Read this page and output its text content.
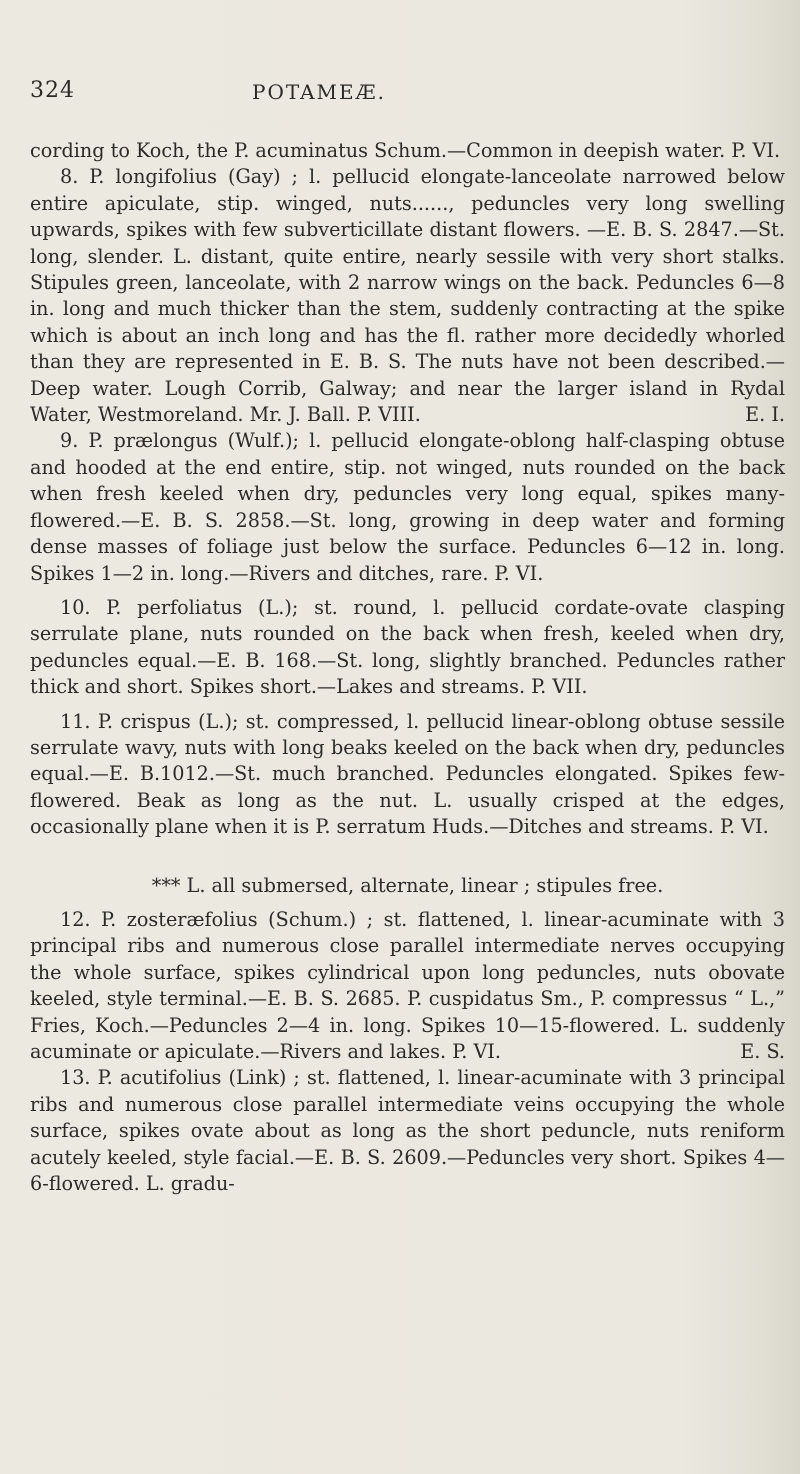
324	POTAMEÆ.

cording to Koch, the P. acuminatus Schum.—Common in deepish water. P. VI.

8. P. longifolius (Gay) ; l. pellucid elongate-lanceolate narrowed below entire apiculate, stip. winged, nuts......, peduncles very long swelling upwards, spikes with few subverticillate distant flowers. —E. B. S. 2847.—St. long, slender. L. distant, quite entire, nearly sessile with very short stalks. Stipules green, lanceolate, with 2 narrow wings on the back. Peduncles 6—8 in. long and much thicker than the stem, suddenly contracting at the spike which is about an inch long and has the fl. rather more decidedly whorled than they are represented in E. B. S. The nuts have not been described.—Deep water. Lough Corrib, Galway; and near the larger island in Rydal Water, Westmoreland. Mr. J. Ball. P. VIII.	E. I.

9. P. prælongus (Wulf.); l. pellucid elongate-oblong half-clasping obtuse and hooded at the end entire, stip. not winged, nuts rounded on the back when fresh keeled when dry, peduncles very long equal, spikes many-flowered.—E. B. S. 2858.—St. long, growing in deep water and forming dense masses of foliage just below the surface. Peduncles 6—12 in. long. Spikes 1—2 in. long.—Rivers and ditches, rare. P. VI.

10. P. perfoliatus (L.); st. round, l. pellucid cordate-ovate clasping serrulate plane, nuts rounded on the back when fresh, keeled when dry, peduncles equal.—E. B. 168.—St. long, slightly branched. Peduncles rather thick and short. Spikes short.—Lakes and streams. P. VII.

11. P. crispus (L.); st. compressed, l. pellucid linear-oblong obtuse sessile serrulate wavy, nuts with long beaks keeled on the back when dry, peduncles equal.—E. B.1012.—St. much branched. Peduncles elongated. Spikes few-flowered. Beak as long as the nut. L. usually crisped at the edges, occasionally plane when it is P. serratum Huds.—Ditches and streams. P. VI.

*** L. all submersed, alternate, linear ; stipules free.

12. P. zosteræfolius (Schum.) ; st. flattened, l. linear-acuminate with 3 principal ribs and numerous close parallel intermediate nerves occupying the whole surface, spikes cylindrical upon long peduncles, nuts obovate keeled, style terminal.—E. B. S. 2685. P. cuspidatus Sm., P. compressus “ L.,” Fries, Koch.—Peduncles 2—4 in. long. Spikes 10—15-flowered. L. suddenly acuminate or apiculate.—Rivers and lakes. P. VI.	E. S.

13. P. acutifolius (Link) ; st. flattened, l. linear-acuminate with 3 principal ribs and numerous close parallel intermediate veins occupying the whole surface, spikes ovate about as long as the short peduncle, nuts reniform acutely keeled, style facial.—E. B. S. 2609.—Peduncles very short. Spikes 4—6-flowered. L. gradu-
